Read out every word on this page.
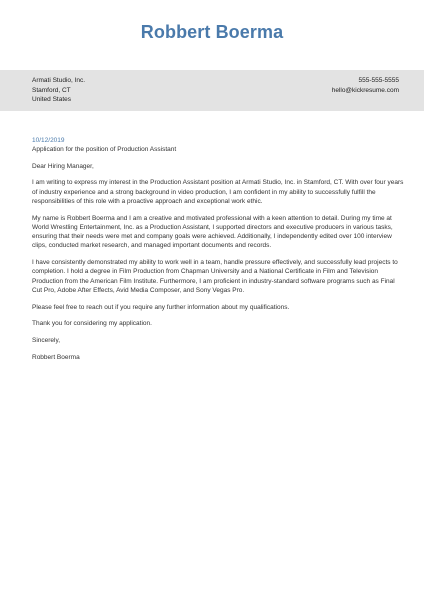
Robbert Boerma
Armati Studio, Inc.
Stamford, CT
United States
555-555-5555
hello@kickresume.com
10/12/2019
Application for the position of Production Assistant

Dear Hiring Manager,

I am writing to express my interest in the Production Assistant position at Armati Studio, Inc. in Stamford, CT. With over four years of industry experience and a strong background in video production, I am confident in my ability to successfully fulfill the responsibilities of this role with a proactive approach and exceptional work ethic.

My name is Robbert Boerma and I am a creative and motivated professional with a keen attention to detail. During my time at World Wrestling Entertainment, Inc. as a Production Assistant, I supported directors and executive producers in various tasks, ensuring that their needs were met and company goals were achieved. Additionally, I independently edited over 100 interview clips, conducted market research, and managed important documents and records.

I have consistently demonstrated my ability to work well in a team, handle pressure effectively, and successfully lead projects to completion. I hold a degree in Film Production from Chapman University and a National Certificate in Film and Television Production from the American Film Institute. Furthermore, I am proficient in industry-standard software programs such as Final Cut Pro, Adobe After Effects, Avid Media Composer, and Sony Vegas Pro.

Please feel free to reach out if you require any further information about my qualifications.

Thank you for considering my application.

Sincerely,

Robbert Boerma
